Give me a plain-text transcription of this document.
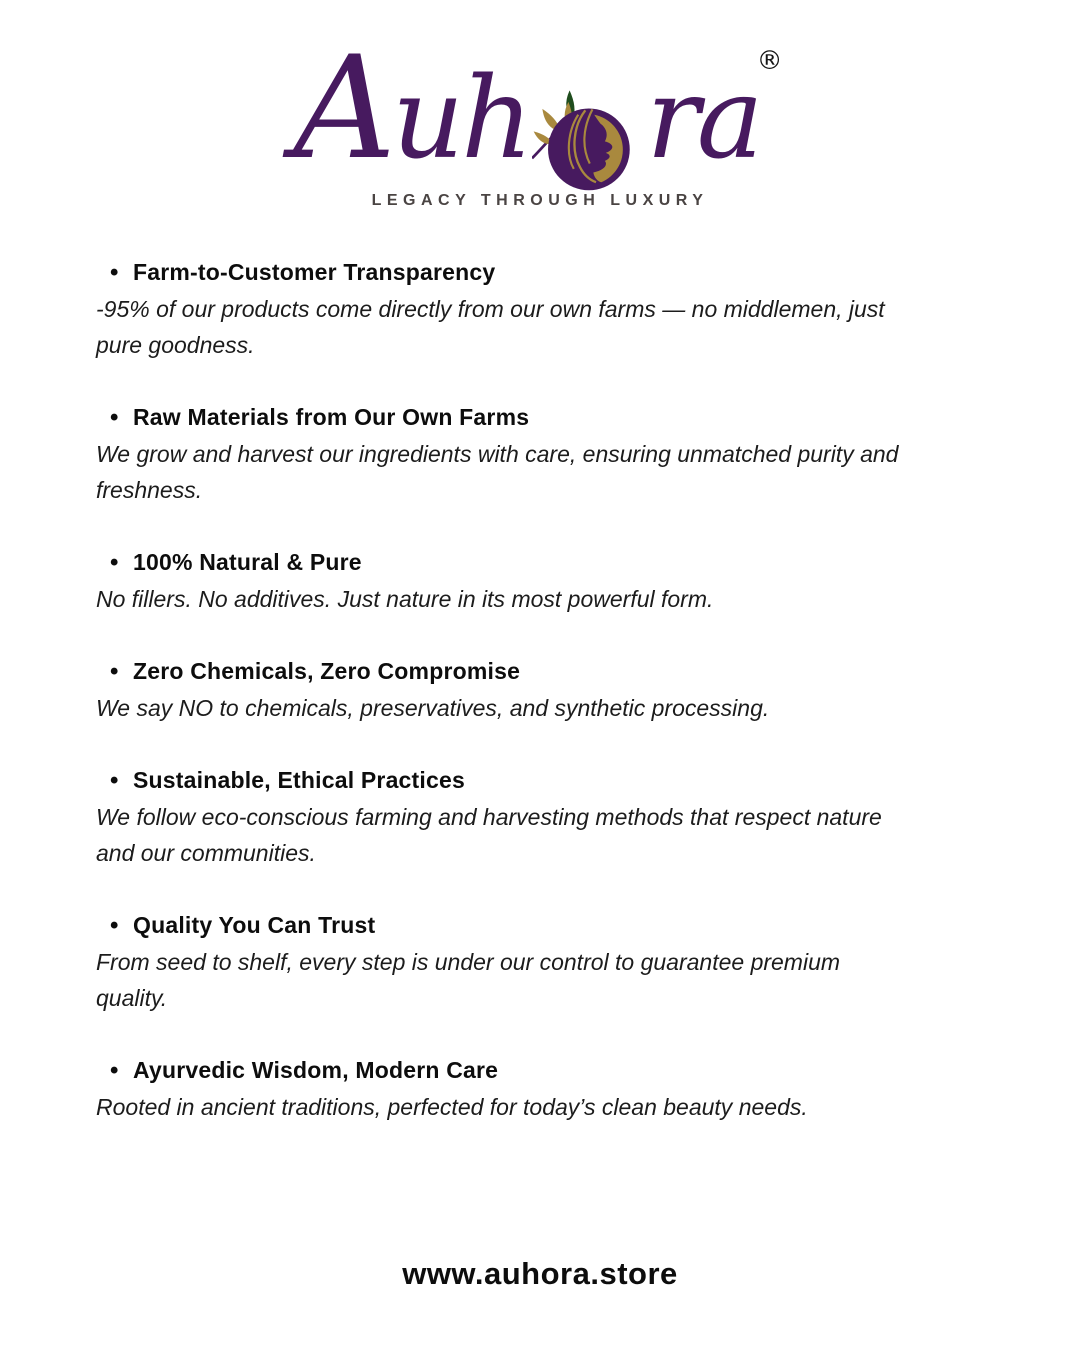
A uh ra
®
LEGACY THROUGH LUXURY
• Farm-to-Customer Transparency

-95% of our products come directly from our own farms — no middlemen, just pure goodness.

• Raw Materials from Our Own Farms

We grow and harvest our ingredients with care, ensuring unmatched purity and freshness.

• 100% Natural & Pure

No fillers. No additives. Just nature in its most powerful form.

• Zero Chemicals, Zero Compromise

We say NO to chemicals, preservatives, and synthetic processing.

• Sustainable, Ethical Practices

We follow eco-conscious farming and harvesting methods that respect nature and our communities.

• Quality You Can Trust

From seed to shelf, every step is under our control to guarantee premium quality.

• Ayurvedic Wisdom, Modern Care

Rooted in ancient traditions, perfected for today’s clean beauty needs.

www.auhora.store
